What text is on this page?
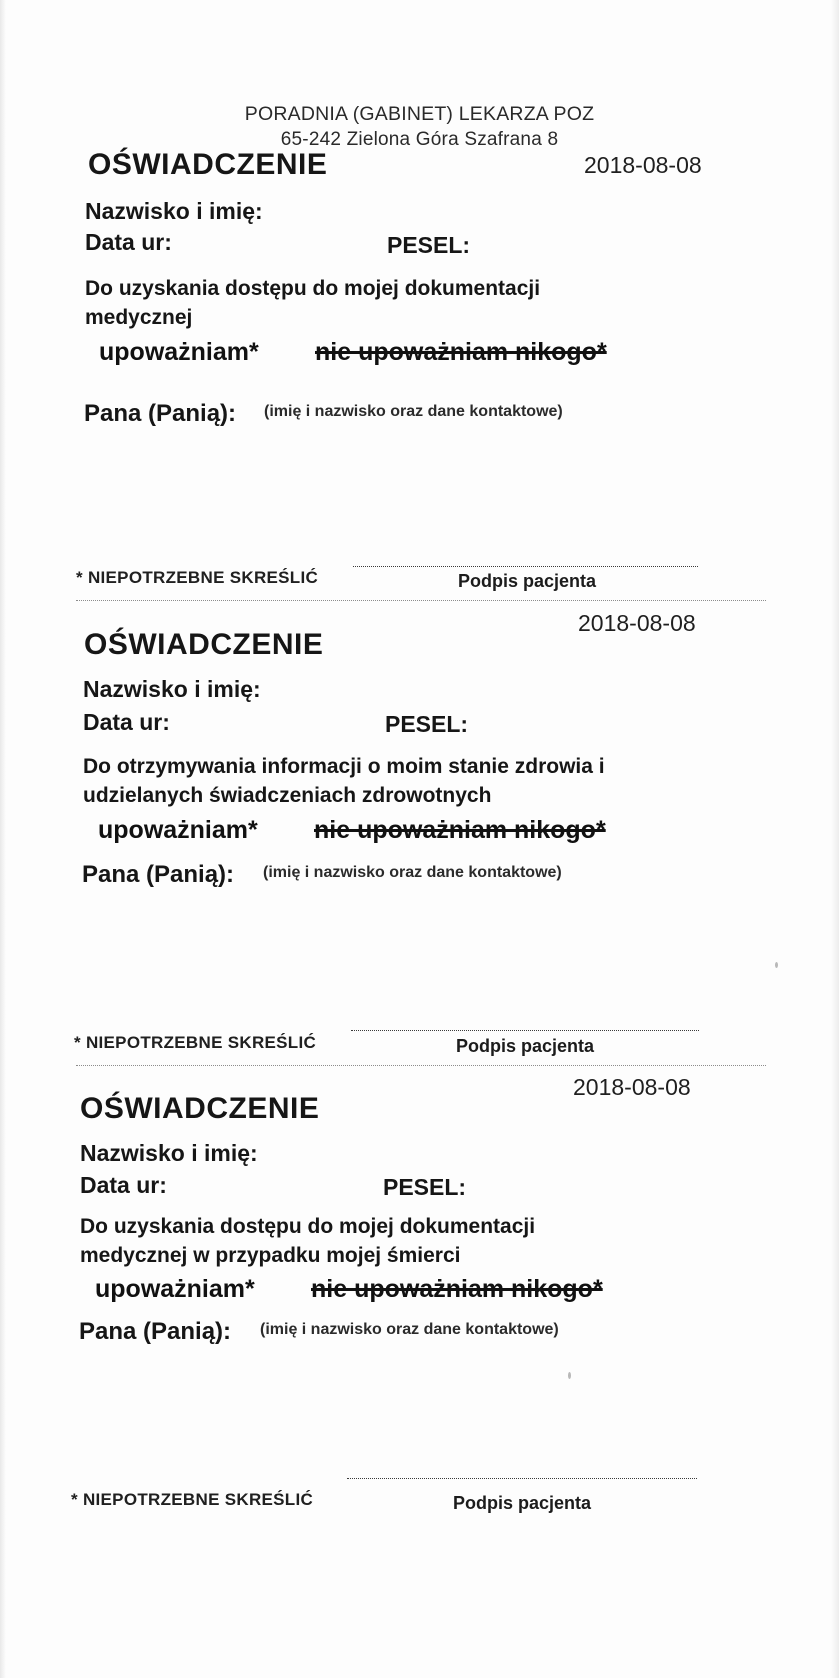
PORADNIA (GABINET) LEKARZA POZ
65-242 Zielona Góra Szafrana 8
OŚWIADCZENIE	2018-08-08
Nazwisko i imię:
Data ur:	PESEL:
Do uzyskania dostępu do mojej dokumentacji
medycznej
upoważniam* nie upoważniam nikogo*
Pana (Panią): (imię i nazwisko oraz dane kontaktowe)
* NIEPOTRZEBNE SKREŚLIĆ	Podpis pacjenta
2018-08-08
OŚWIADCZENIE
Nazwisko i imię:
Data ur:	PESEL:
Do otrzymywania informacji o moim stanie zdrowia i
udzielanych świadczeniach zdrowotnych
upoważniam* nie upoważniam nikogo*
Pana (Panią): (imię i nazwisko oraz dane kontaktowe)
* NIEPOTRZEBNE SKREŚLIĆ	Podpis pacjenta
2018-08-08
OŚWIADCZENIE
Nazwisko i imię:
Data ur:	PESEL:
Do uzyskania dostępu do mojej dokumentacji
medycznej w przypadku mojej śmierci
upoważniam* nie upoważniam nikogo*
Pana (Panią): (imię i nazwisko oraz dane kontaktowe)
* NIEPOTRZEBNE SKREŚLIĆ	Podpis pacjenta
